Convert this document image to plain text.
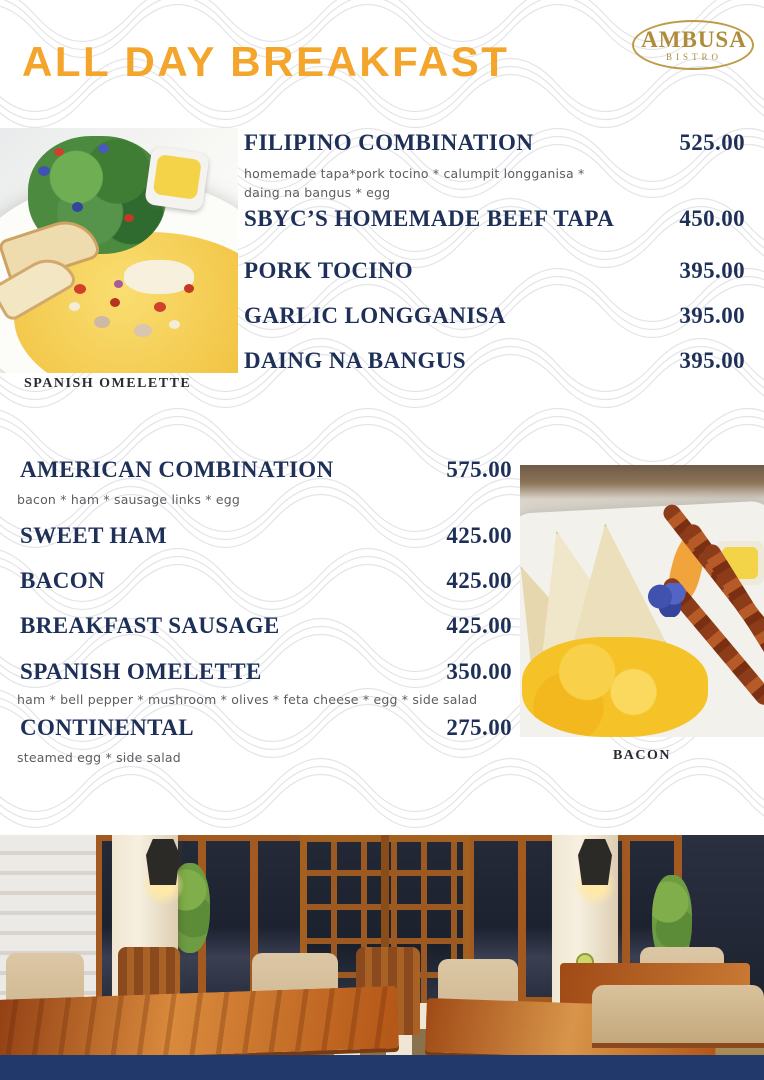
ALL DAY BREAKFAST	AMBUSA
BISTRO
SPANISH OMELETTE
FILIPINO COMBINATION	525.00
homemade tapa*pork tocino * calumpit longganisa * daing na bangus * egg
SBYC’S HOMEMADE BEEF TAPA	450.00
PORK TOCINO	395.00
GARLIC LONGGANISA	395.00
DAING NA BANGUS	395.00
AMERICAN COMBINATION	575.00
bacon * ham * sausage links * egg
SWEET HAM	425.00
BACON	425.00
BREAKFAST SAUSAGE	425.00
SPANISH OMELETTE	350.00
ham * bell pepper * mushroom * olives * feta cheese * egg * side salad
CONTINENTAL	275.00
steamed egg * side salad	BACON
